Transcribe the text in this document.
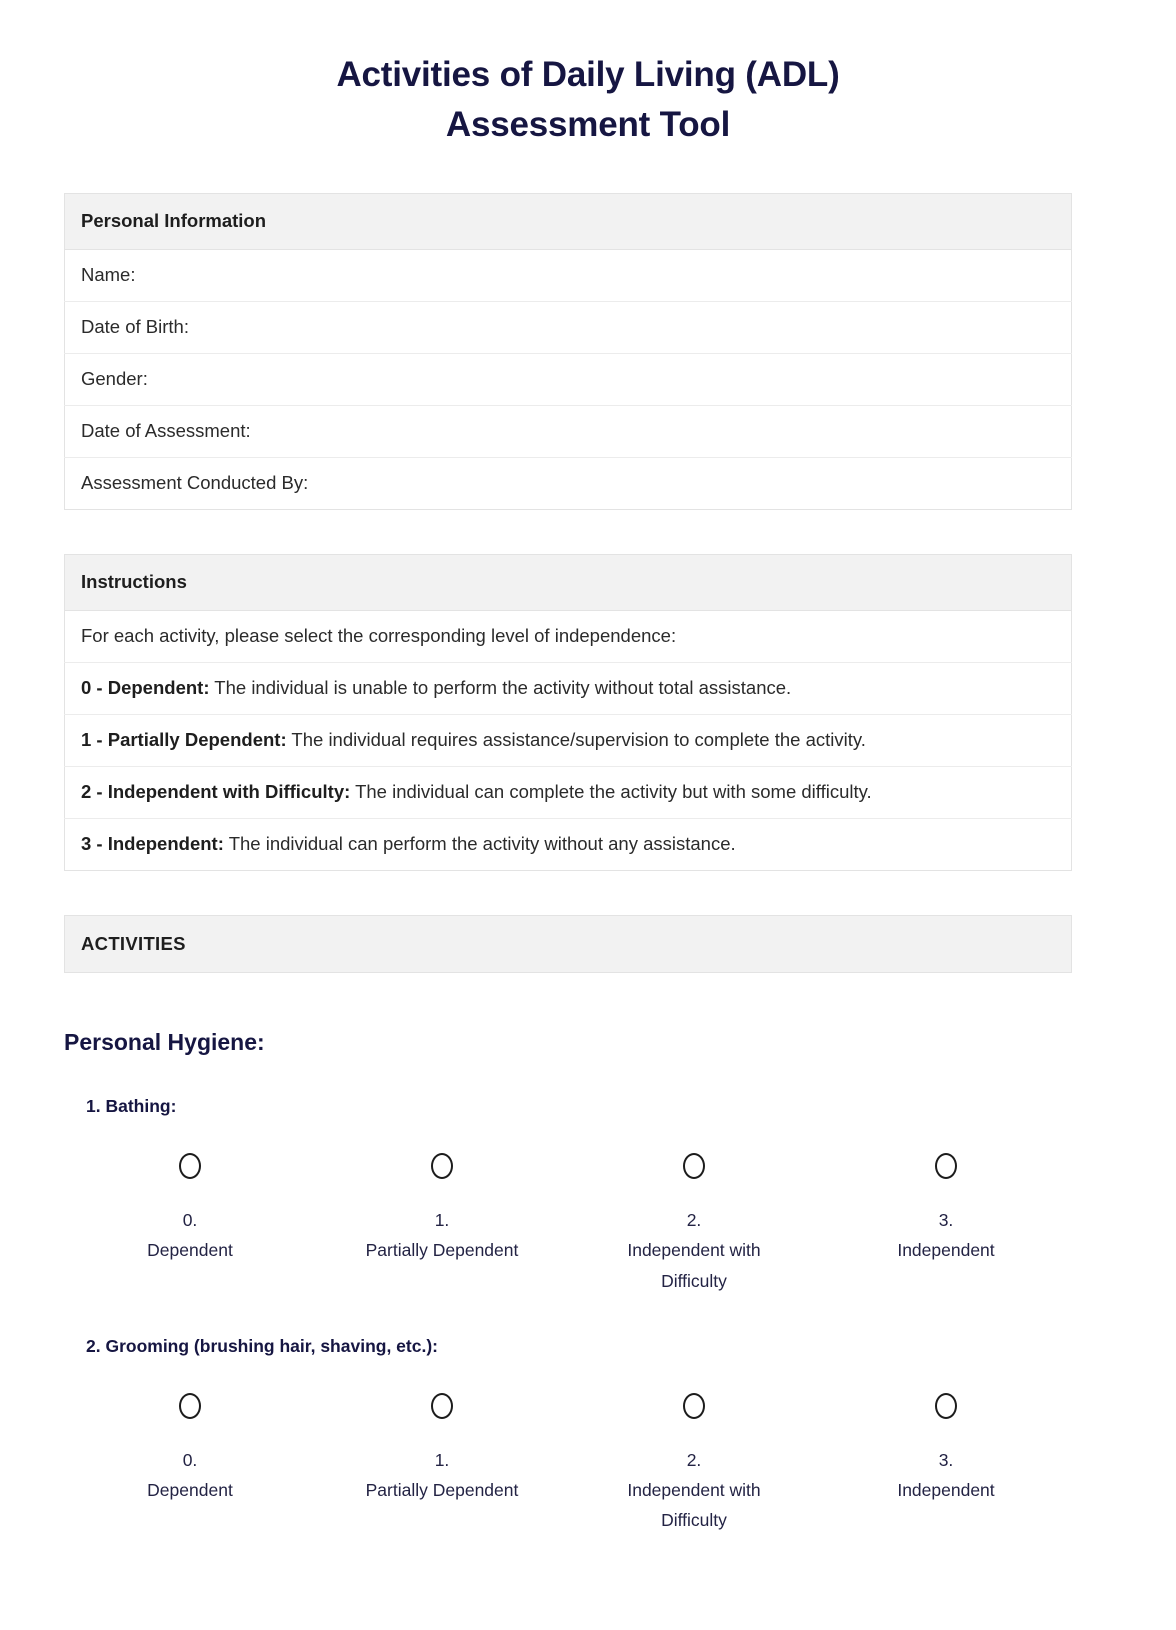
Activities of Daily Living (ADL)
Assessment Tool
Personal Information
Name:
Date of Birth:
Gender:
Date of Assessment:
Assessment Conducted By:
Instructions
For each activity, please select the corresponding level of independence:
0 - Dependent: The individual is unable to perform the activity without total assistance.
1 - Partially Dependent: The individual requires assistance/supervision to complete the activity.
2 - Independent with Difficulty: The individual can complete the activity but with some difficulty.
3 - Independent: The individual can perform the activity without any assistance.
ACTIVITIES
Personal Hygiene:
1. Bathing:
0.
Dependent
1.
Partially Dependent
2.
Independent with Difficulty
3.
Independent
2. Grooming (brushing hair, shaving, etc.):
0.
Dependent
1.
Partially Dependent
2.
Independent with Difficulty
3.
Independent
